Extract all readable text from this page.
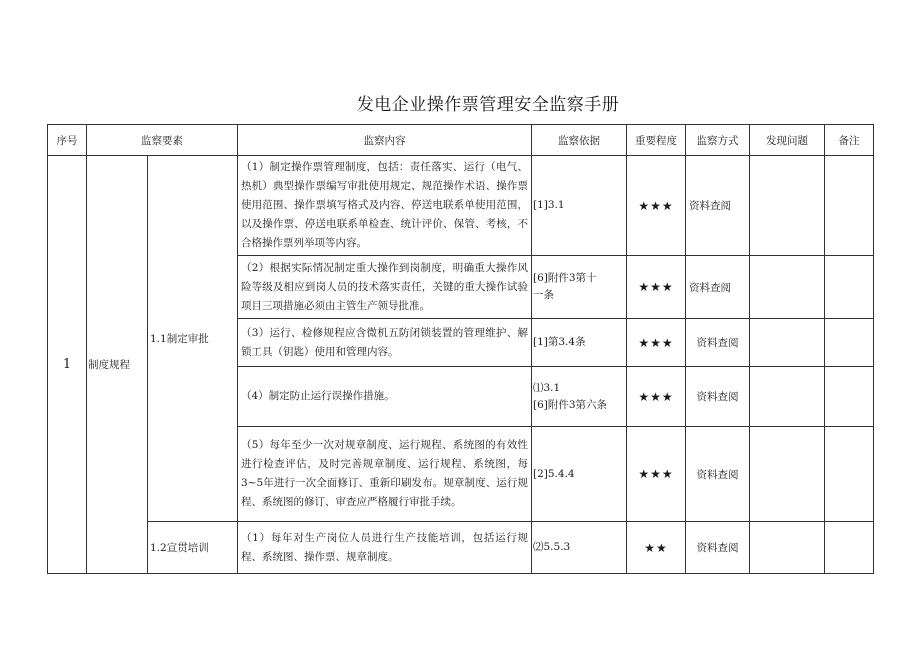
发电企业操作票管理安全监察手册
序号	监察要素		监察内容	监察依据	重要程度	监察方式	发现问题	备注
1	制度规程	1.1制定审批	（1）制定操作票管理制度，包括：责任落实、运行（电气、热机）典型操作票编写审批使用规定、规范操作术语、操作票使用范围、操作票填写格式及内容、停送电联系单使用范围，以及操作票、停送电联系单检查、统计评价、保管、考核，不合格操作票列举项等内容。	[1]3.1	★★★	资料查阅		
			（2）根据实际情况制定重大操作到岗制度，明确重大操作风险等级及相应到岗人员的技术落实责任，关键的重大操作试验项目三项措施必须由主管生产领导批准。	[6]附件3第十
一条	★★★	资料查阅		
			（3）运行、检修规程应含微机五防闭锁装置的管理维护、解锁工具（钥匙）使用和管理内容。	[1]第3.4条	★★★	资料查阅		
			（4）制定防止运行误操作措施。	⑴3.1
[6]附件3第六条	★★★	资料查阅		
			（5）每年至少一次对规章制度、运行规程、系统图的有效性进行检查评估，及时完善规章制度、运行规程、系统图，每3~5年进行一次全面修订、重新印刷发布。规章制度、运行规程、系统图的修订、审查应严格履行审批手续。	[2]5.4.4	★★★	资料查阅		
		1.2宣贯培训	（1）每年对生产岗位人员进行生产技能培训，包括运行规程、系统图、操作票、规章制度。	⑵5.5.3	★★	资料查阅		
